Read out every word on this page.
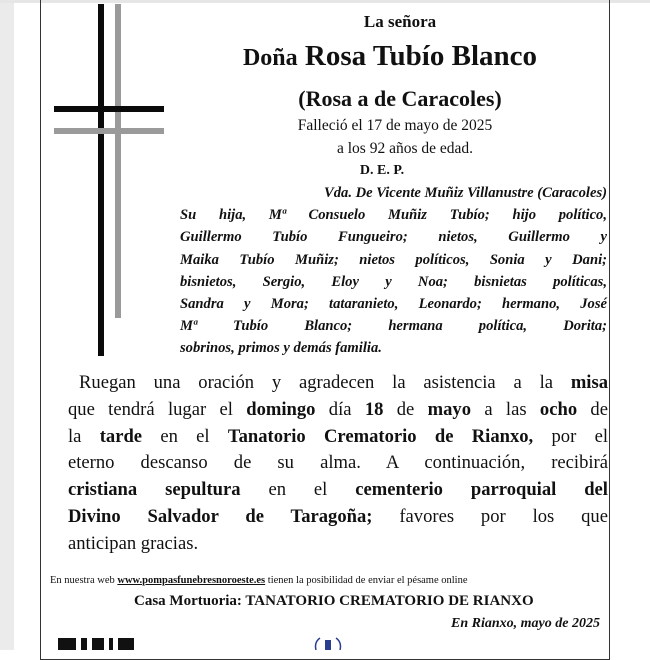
La señora

Doña Rosa Tubío Blanco

(Rosa a de Caracoles)

Falleció el 17 de mayo de 2025

a los 92 años de edad.

D. E. P.

Vda. De Vicente Muñiz Villanustre (Caracoles)
Su hija, Mª Consuelo Muñiz Tubío; hijo político,
Guillermo Tubío Fungueiro; nietos, Guillermo y
Maika Tubío Muñiz; nietos políticos, Sonia y Dani;
bisnietos, Sergio, Eloy y Noa; bisnietas políticas,
Sandra y Mora; tataranieto, Leonardo; hermano, José
Mª Tubío Blanco; hermana política, Dorita;
sobrinos, primos y demás familia.
Ruegan una oración y agradecen la asistencia a la misa
que tendrá lugar el domingo día 18 de mayo a las ocho de
la tarde en el Tanatorio Crematorio de Rianxo, por el
eterno descanso de su alma. A continuación, recibirá
cristiana sepultura en el cementerio parroquial del
Divino Salvador de Taragoña; favores por los que
anticipan gracias.

En nuestra web www.pompasfunebresnoroeste.es tienen la posibilidad de enviar el pésame online

Casa Mortuoria: TANATORIO CREMATORIO DE RIANXO

En Rianxo, mayo de 2025
